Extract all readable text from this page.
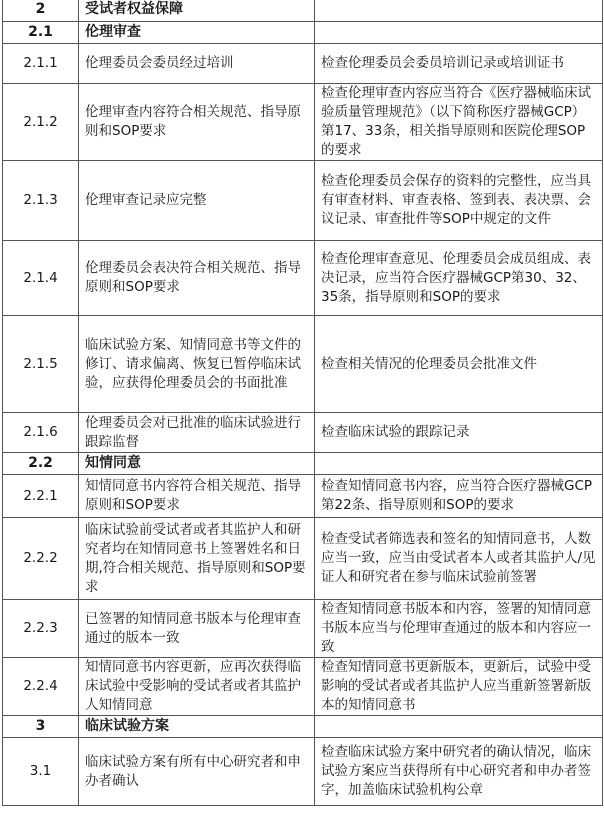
2	受试者权益保障	
2.1	伦理审查	
2.1.1	伦理委员会委员经过培训	检查伦理委员会委员培训记录或培训证书
2.1.2	伦理审查内容符合相关规范、指导原则和SOP要求	检查伦理审查内容应当符合《医疗器械临床试验质量管理规范》（以下简称医疗器械GCP）第17、33条，相关指导原则和医院伦理SOP的要求
2.1.3	伦理审查记录应完整	检查伦理委员会保存的资料的完整性，应当具有审查材料、审查表格、签到表、表决票、会议记录、审查批件等SOP中规定的文件
2.1.4	伦理委员会表决符合相关规范、指导原则和SOP要求	检查伦理审查意见、伦理委员会成员组成、表决记录，应当符合医疗器械GCP第30、32、35条，指导原则和SOP的要求
2.1.5	临床试验方案、知情同意书等文件的修订、请求偏离、恢复已暂停临床试验，应获得伦理委员会的书面批准	检查相关情况的伦理委员会批准文件
2.1.6	伦理委员会对已批准的临床试验进行跟踪监督	检查临床试验的跟踪记录
2.2	知情同意	
2.2.1	知情同意书内容符合相关规范、指导原则和SOP要求	检查知情同意书内容，应当符合医疗器械GCP第22条、指导原则和SOP的要求
2.2.2	临床试验前受试者或者其监护人和研究者均在知情同意书上签署姓名和日期,符合相关规范、指导原则和SOP要求	检查受试者筛选表和签名的知情同意书，人数应当一致，应当由受试者本人或者其监护人/见证人和研究者在参与临床试验前签署
2.2.3	已签署的知情同意书版本与伦理审查通过的版本一致	检查知情同意书版本和内容，签署的知情同意书版本应当与伦理审查通过的版本和内容应一致
2.2.4	知情同意书内容更新，应再次获得临床试验中受影响的受试者或者其监护人知情同意	检查知情同意书更新版本，更新后，试验中受影响的受试者或者其监护人应当重新签署新版本的知情同意书
3	临床试验方案	
3.1	临床试验方案有所有中心研究者和申办者确认	检查临床试验方案中研究者的确认情况，临床试验方案应当获得所有中心研究者和申办者签字，加盖临床试验机构公章
